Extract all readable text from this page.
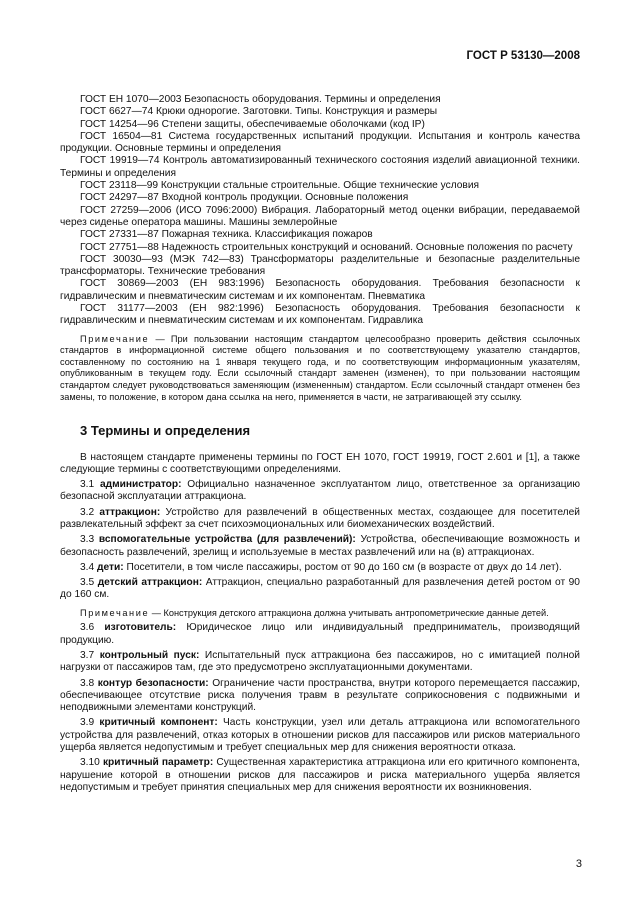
ГОСТ Р 53130—2008

ГОСТ ЕН 1070—2003 Безопасность оборудования. Термины и определения

ГОСТ 6627—74 Крюки однорогие. Заготовки. Типы. Конструкция и размеры

ГОСТ 14254—96 Степени защиты, обеспечиваемые оболочками (код IP)

ГОСТ 16504—81 Система государственных испытаний продукции. Испытания и контроль качества продукции. Основные термины и определения

ГОСТ 19919—74 Контроль автоматизированный технического состояния изделий авиационной техники. Термины и определения

ГОСТ 23118—99 Конструкции стальные строительные. Общие технические условия

ГОСТ 24297—87 Входной контроль продукции. Основные положения

ГОСТ 27259—2006 (ИСО 7096:2000) Вибрация. Лабораторный метод оценки вибрации, передаваемой через сиденье оператора машины. Машины землеройные

ГОСТ 27331—87 Пожарная техника. Классификация пожаров

ГОСТ 27751—88 Надежность строительных конструкций и оснований. Основные положения по расчету

ГОСТ 30030—93 (МЭК 742—83) Трансформаторы разделительные и безопасные разделительные трансформаторы. Технические требования

ГОСТ 30869—2003 (ЕН 983:1996) Безопасность оборудования. Требования безопасности к гидравлическим и пневматическим системам и их компонентам. Пневматика

ГОСТ 31177—2003 (ЕН 982:1996) Безопасность оборудования. Требования безопасности к гидравлическим и пневматическим системам и их компонентам. Гидравлика

Примечание — При пользовании настоящим стандартом целесообразно проверить действия ссылочных стандартов в информационной системе общего пользования и по соответствующему указателю стандартов, составленному по состоянию на 1 января текущего года, и по соответствующим информационным указателям, опубликованным в текущем году. Если ссылочный стандарт заменен (изменен), то при пользовании настоящим стандартом следует руководствоваться заменяющим (измененным) стандартом. Если ссылочный стандарт отменен без замены, то положение, в котором дана ссылка на него, применяется в части, не затрагивающей эту ссылку.

3 Термины и определения

В настоящем стандарте применены термины по ГОСТ ЕН 1070, ГОСТ 19919, ГОСТ 2.601 и [1], а также следующие термины с соответствующими определениями.

3.1 администратор: Официально назначенное эксплуатантом лицо, ответственное за организацию безопасной эксплуатации аттракциона.

3.2 аттракцион: Устройство для развлечений в общественных местах, создающее для посетителей развлекательный эффект за счет психоэмоциональных или биомеханических воздействий.

3.3 вспомогательные устройства (для развлечений): Устройства, обеспечивающие возможность и безопасность развлечений, зрелищ и используемые в местах развлечений или на (в) аттракционах.

3.4 дети: Посетители, в том числе пассажиры, ростом от 90 до 160 см (в возрасте от двух до 14 лет).

3.5 детский аттракцион: Аттракцион, специально разработанный для развлечения детей ростом от 90 до 160 см.

Примечание — Конструкция детского аттракциона должна учитывать антропометрические данные детей.

3.6 изготовитель: Юридическое лицо или индивидуальный предприниматель, производящий продукцию.

3.7 контрольный пуск: Испытательный пуск аттракциона без пассажиров, но с имитацией полной нагрузки от пассажиров там, где это предусмотрено эксплуатационными документами.

3.8 контур безопасности: Ограничение части пространства, внутри которого перемещается пассажир, обеспечивающее отсутствие риска получения травм в результате соприкосновения с подвижными и неподвижными элементами конструкций.

3.9 критичный компонент: Часть конструкции, узел или деталь аттракциона или вспомогательного устройства для развлечений, отказ которых в отношении рисков для пассажиров или рисков материального ущерба является недопустимым и требует специальных мер для снижения вероятности отказа.

3.10 критичный параметр: Существенная характеристика аттракциона или его критичного компонента, нарушение которой в отношении рисков для пассажиров и риска материального ущерба является недопустимым и требует принятия специальных мер для снижения вероятности их возникновения.

3
